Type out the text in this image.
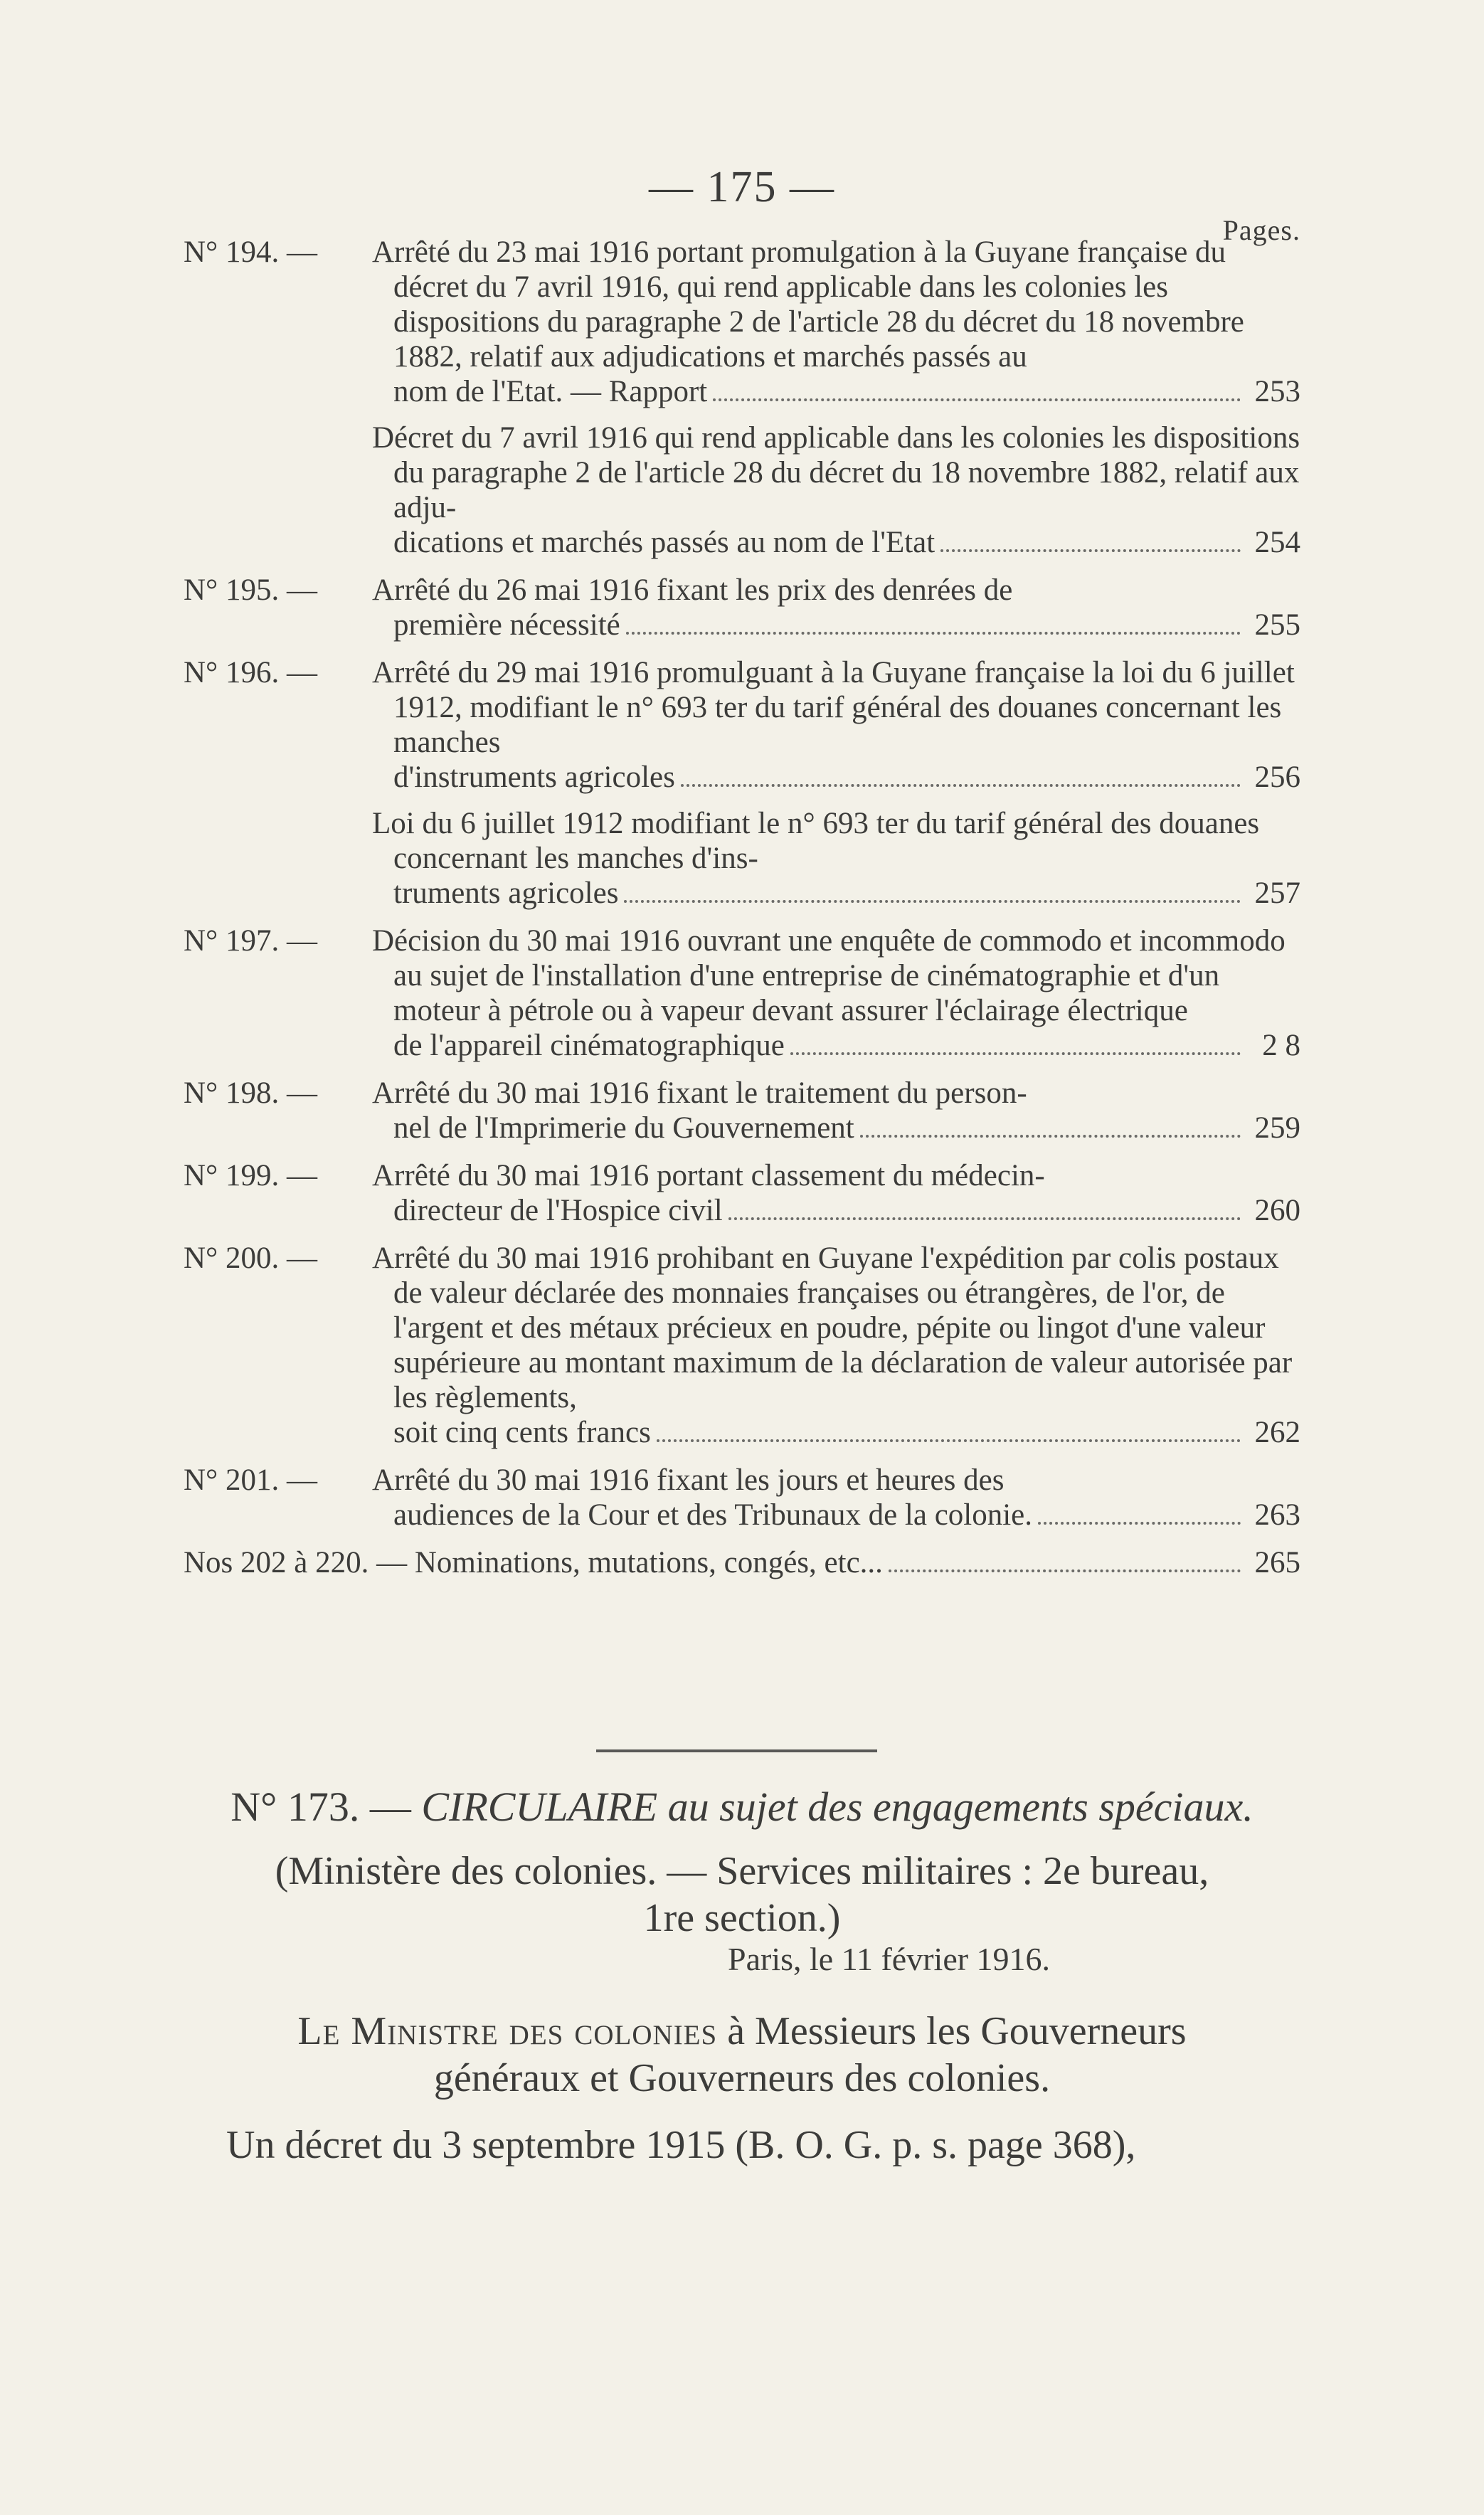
— 175 —
Pages.
N° 194. —	Arrêté du 23 mai 1916 portant promulgation à la Guyane française du décret du 7 avril 1916, qui rend applicable dans les colonies les dispositions du paragraphe 2 de l'article 28 du décret du 18 novembre 1882, relatif aux adjudications et marchés passés au
nom de l'Etat. — Rapport	253
Décret du 7 avril 1916 qui rend applicable dans les colonies les dispositions du paragraphe 2 de l'article 28 du décret du 18 novembre 1882, relatif aux adju-
dications et marchés passés au nom de l'Etat	254
N° 195. —	Arrêté du 26 mai 1916 fixant les prix des denrées de
première nécessité	255
N° 196. —	Arrêté du 29 mai 1916 promulguant à la Guyane française la loi du 6 juillet 1912, modifiant le n° 693 ter du tarif général des douanes concernant les manches
d'instruments agricoles	256
Loi du 6 juillet 1912 modifiant le n° 693 ter du tarif général des douanes concernant les manches d'ins-
truments agricoles	257
N° 197. —	Décision du 30 mai 1916 ouvrant une enquête de commodo et incommodo au sujet de l'installation d'une entreprise de cinématographie et d'un moteur à pétrole ou à vapeur devant assurer l'éclairage électrique
de l'appareil cinématographique	2 8
N° 198. —	Arrêté du 30 mai 1916 fixant le traitement du person-
nel de l'Imprimerie du Gouvernement	259
N° 199. —	Arrêté du 30 mai 1916 portant classement du médecin-
directeur de l'Hospice civil	260
N° 200. —	Arrêté du 30 mai 1916 prohibant en Guyane l'expédition par colis postaux de valeur déclarée des monnaies françaises ou étrangères, de l'or, de l'argent et des métaux précieux en poudre, pépite ou lingot d'une valeur supérieure au montant maximum de la déclaration de valeur autorisée par les règlements,
soit cinq cents francs	262
N° 201. —	Arrêté du 30 mai 1916 fixant les jours et heures des
audiences de la Cour et des Tribunaux de la colonie.	263
Nos 202 à 220. — Nominations, mutations, congés, etc...	265
N° 173. — CIRCULAIRE au sujet des engagements spéciaux.
(Ministère des colonies. — Services militaires : 2e bureau,
1re section.)
Paris, le 11 février 1916.
Le Ministre des colonies à Messieurs les Gouverneurs
généraux et Gouverneurs des colonies.
Un décret du 3 septembre 1915 (B. O. G. p. s. page 368),
